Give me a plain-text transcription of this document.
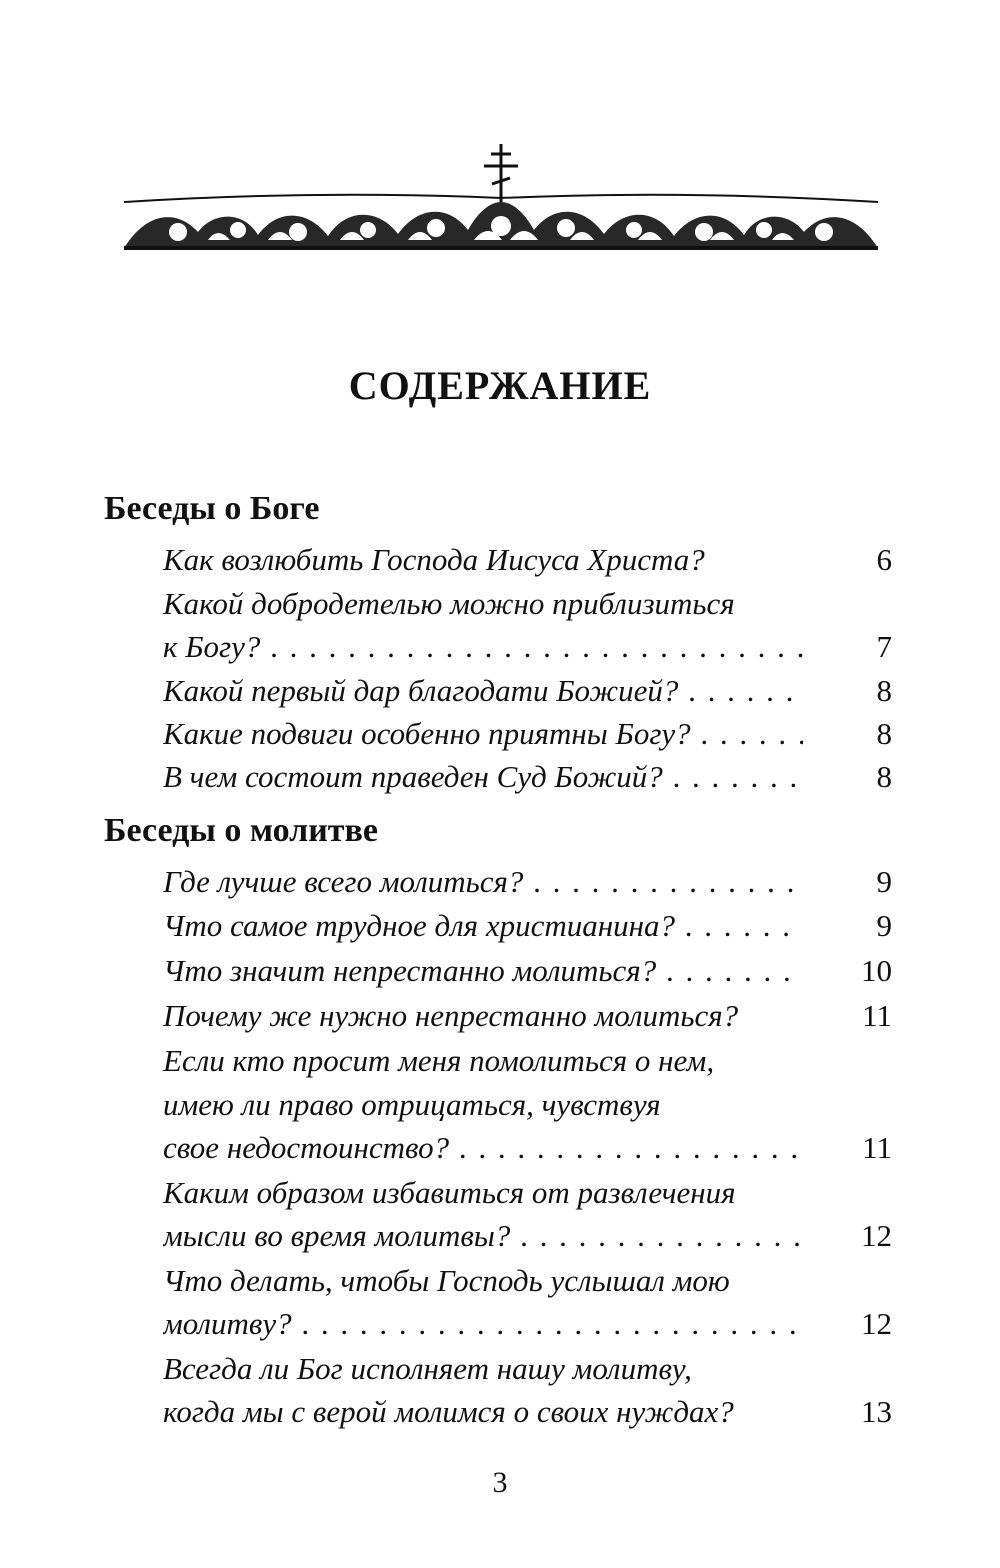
СОДЕРЖАНИЕ
Беседы о Боге
Как возлюбить Господа Иисуса Христа?	6
Какой добродетелью можно приблизиться
к Богу? . . .	7
Какой первый дар благодати Божией? . . .	8
Какие подвиги особенно приятны Богу? . . .	8
В чем состоит праведен Суд Божий? . . .	8
Беседы о молитве
Где лучше всего молиться? . . .	9
Что самое трудное для христианина? . . .	9
Что значит непрестанно молиться? . . .	10
Почему же нужно непрестанно молиться?	11
Если кто просит меня помолиться о нем,
имею ли право отрицаться, чувствуя
свое недостоинство? . . .	11
Каким образом избавиться от развлечения
мысли во время молитвы? . . .	12
Что делать, чтобы Господь услышал мою
молитву? . . .	12
Всегда ли Бог исполняет нашу молитву,
когда мы с верой молимся о своих нуждах?	13
3
